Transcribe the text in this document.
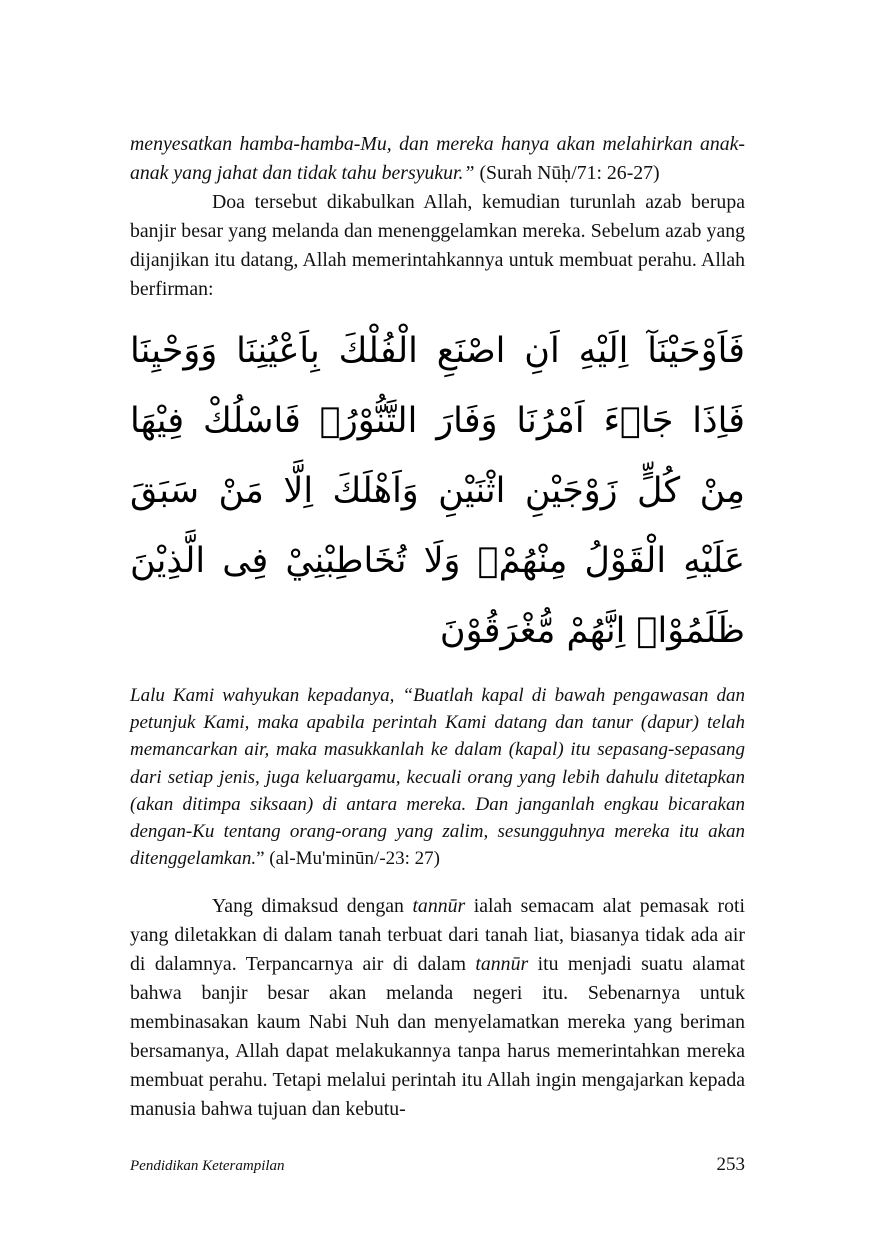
menyesatkan hamba-hamba-Mu, dan mereka hanya akan melahirkan anak-anak yang jahat dan tidak tahu bersyukur.” (Surah Nūḥ/71: 26-27)

Doa tersebut dikabulkan Allah, kemudian turunlah azab berupa banjir besar yang melanda dan menenggelamkan mereka. Sebelum azab yang dijanjikan itu datang, Allah memerintahkannya untuk membuat perahu. Allah berfirman:

فَاَوْحَيْنَآ اِلَيْهِ اَنِ اصْنَعِ الْفُلْكَ بِاَعْيُنِنَا وَوَحْيِنَا فَاِذَا جَاۤءَ اَمْرُنَا وَفَارَ التَّنُّوْرُۙ فَاسْلُكْ فِيْهَا مِنْ كُلٍّ زَوْجَيْنِ اثْنَيْنِ وَاَهْلَكَ اِلَّا مَنْ سَبَقَ عَلَيْهِ الْقَوْلُ مِنْهُمْۚ وَلَا تُخَاطِبْنِيْ فِى الَّذِيْنَ ظَلَمُوْاۚ اِنَّهُمْ مُّغْرَقُوْنَ

Lalu Kami wahyukan kepadanya, “Buatlah kapal di bawah pengawasan dan petunjuk Kami, maka apabila perintah Kami datang dan tanur (dapur) telah memancarkan air, maka masukkanlah ke dalam (kapal) itu sepasang-sepasang dari setiap jenis, juga keluargamu, kecuali orang yang lebih dahulu ditetapkan (akan ditimpa siksaan) di antara mereka. Dan janganlah engkau bicarakan dengan-Ku tentang orang-orang yang zalim, sesungguhnya mereka itu akan ditenggelamkan.” (al-Mu'minūn/-23: 27)

Yang dimaksud dengan tannūr ialah semacam alat pemasak roti yang diletakkan di dalam tanah terbuat dari tanah liat, biasanya tidak ada air di dalamnya. Terpancarnya air di dalam tannūr itu menjadi suatu alamat bahwa banjir besar akan melanda negeri itu. Sebenarnya untuk membinasakan kaum Nabi Nuh dan menyelamatkan mereka yang beriman bersamanya, Allah dapat melakukannya tanpa harus memerintahkan mereka membuat perahu. Tetapi melalui perintah itu Allah ingin mengajarkan kepada manusia bahwa tujuan dan kebutu-

Pendidikan Keterampilan	253
